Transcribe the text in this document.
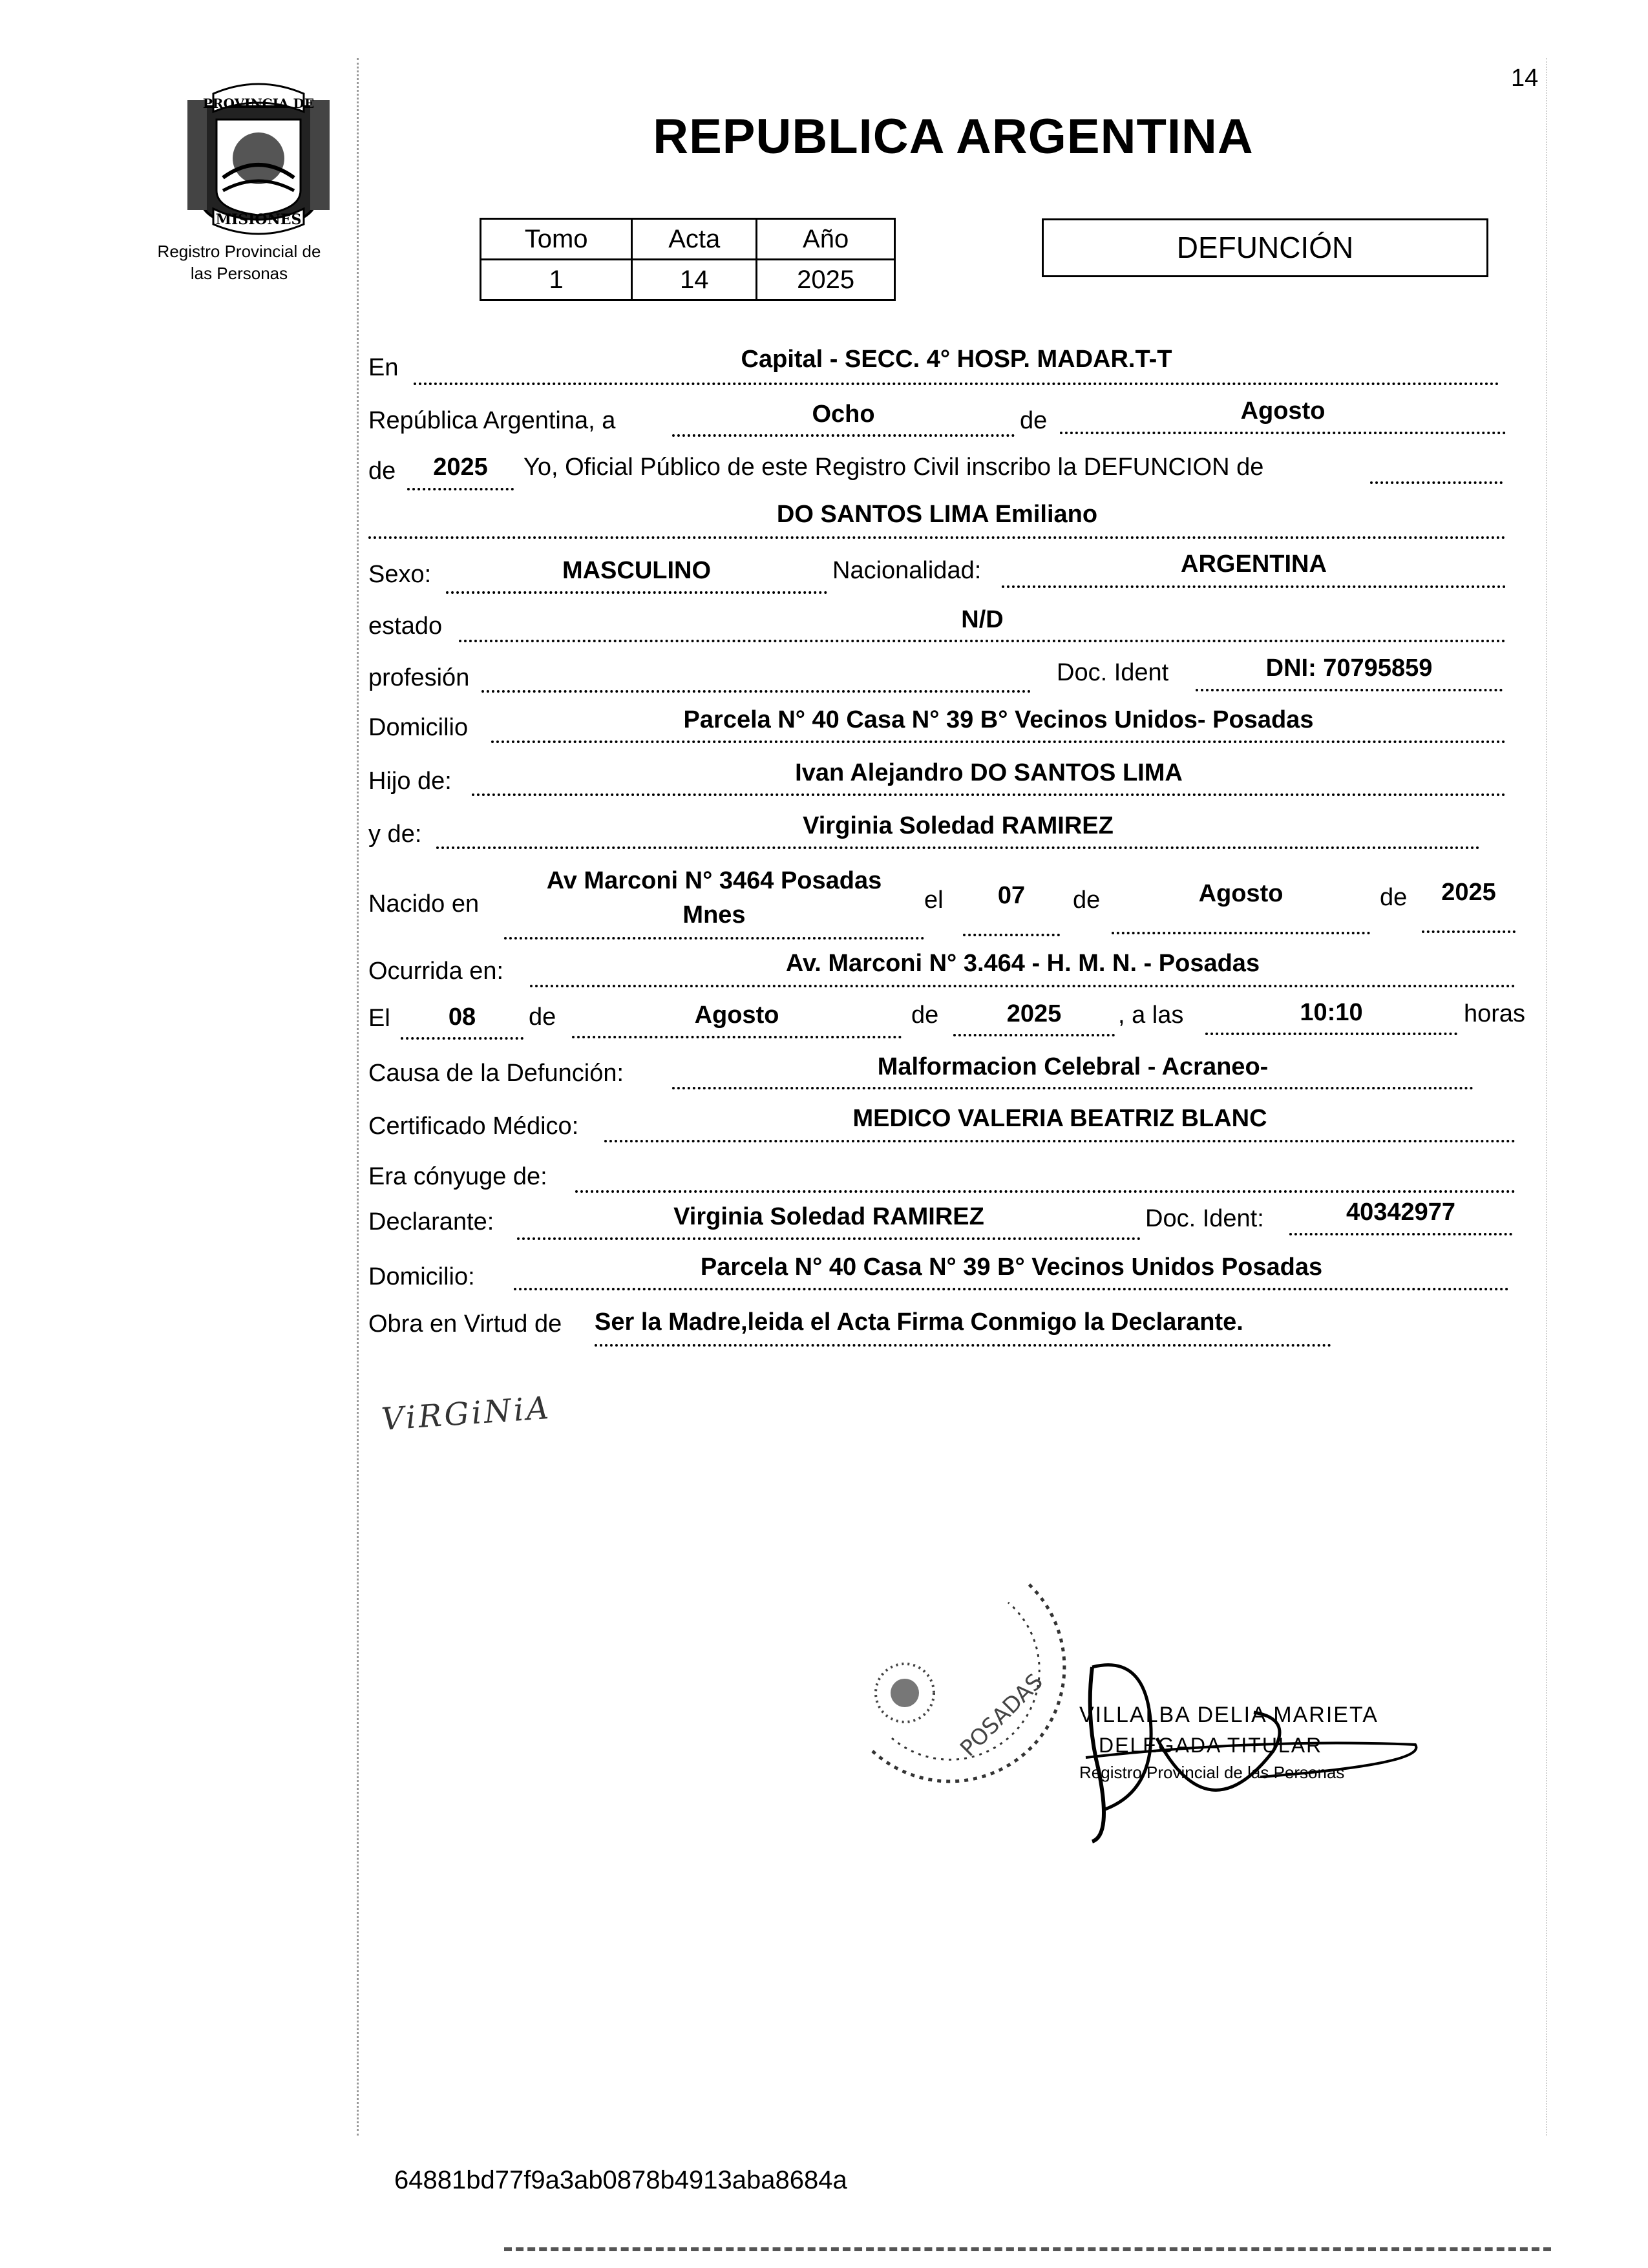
14
PROVINCIA DE
MISIONES
Registro Provincial de
las Personas
REPUBLICA ARGENTINA
Tomo	Acta	Año
1	14	2025
DEFUNCIÓN
En	Capital - SECC. 4° HOSP. MADAR.T-T
República Argentina, a	Ocho	de	Agosto
de	2025	Yo, Oficial Público de este Registro Civil inscribo la DEFUNCION de
DO SANTOS LIMA Emiliano
Sexo:	MASCULINO	Nacionalidad:	ARGENTINA
estado	N/D
profesión	Doc. Ident	DNI: 70795859
Domicilio	Parcela N° 40 Casa N° 39 B° Vecinos Unidos- Posadas
Hijo de:	Ivan Alejandro DO SANTOS LIMA
y de:	Virginia Soledad RAMIREZ
Nacido en
Av Marconi N° 3464 Posadas
Mnes
el	07	de	Agosto	de	2025
Ocurrida en:	Av. Marconi N° 3.464 - H. M. N. - Posadas
El	08	de	Agosto	de	2025	, a las	10:10	horas
Causa de la Defunción:	Malformacion Celebral - Acraneo-
Certificado Médico:	MEDICO VALERIA BEATRIZ BLANC
Era cónyuge de:
Declarante:	Virginia Soledad RAMIREZ	Doc. Ident:	40342977
Domicilio:	Parcela N° 40 Casa N° 39 B° Vecinos Unidos Posadas
Obra en Virtud de Ser la Madre,leida el Acta Firma Conmigo la Declarante.
ViRGiNiA
POSADAS VILLALBA DELIA MARIETA
DELEGADA TITULAR
Registro Provincial de las Personas
64881bd77f9a3ab0878b4913aba8684a
